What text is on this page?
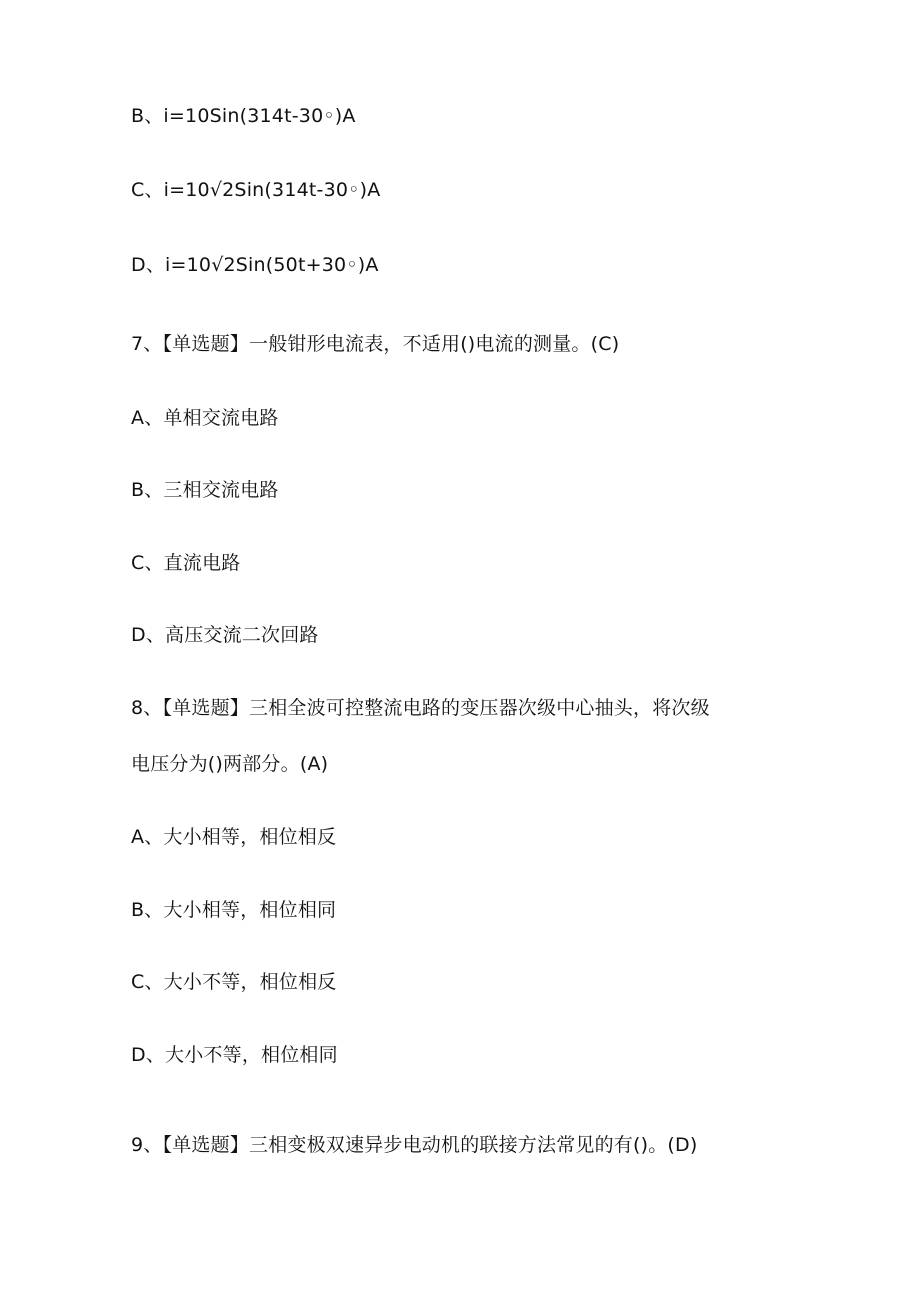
B、i=10Sin(314t-30◦)A
C、i=10√2Sin(314t-30◦)A
D、i=10√2Sin(50t+30◦)A
7、【单选题】一般钳形电流表，不适用()电流的测量。(C)
A、单相交流电路
B、三相交流电路
C、直流电路
D、高压交流二次回路
8、【单选题】三相全波可控整流电路的变压器次级中心抽头，将次级
电压分为()两部分。(A)
A、大小相等，相位相反
B、大小相等，相位相同
C、大小不等，相位相反
D、大小不等，相位相同
9、【单选题】三相变极双速异步电动机的联接方法常见的有()。(D)
